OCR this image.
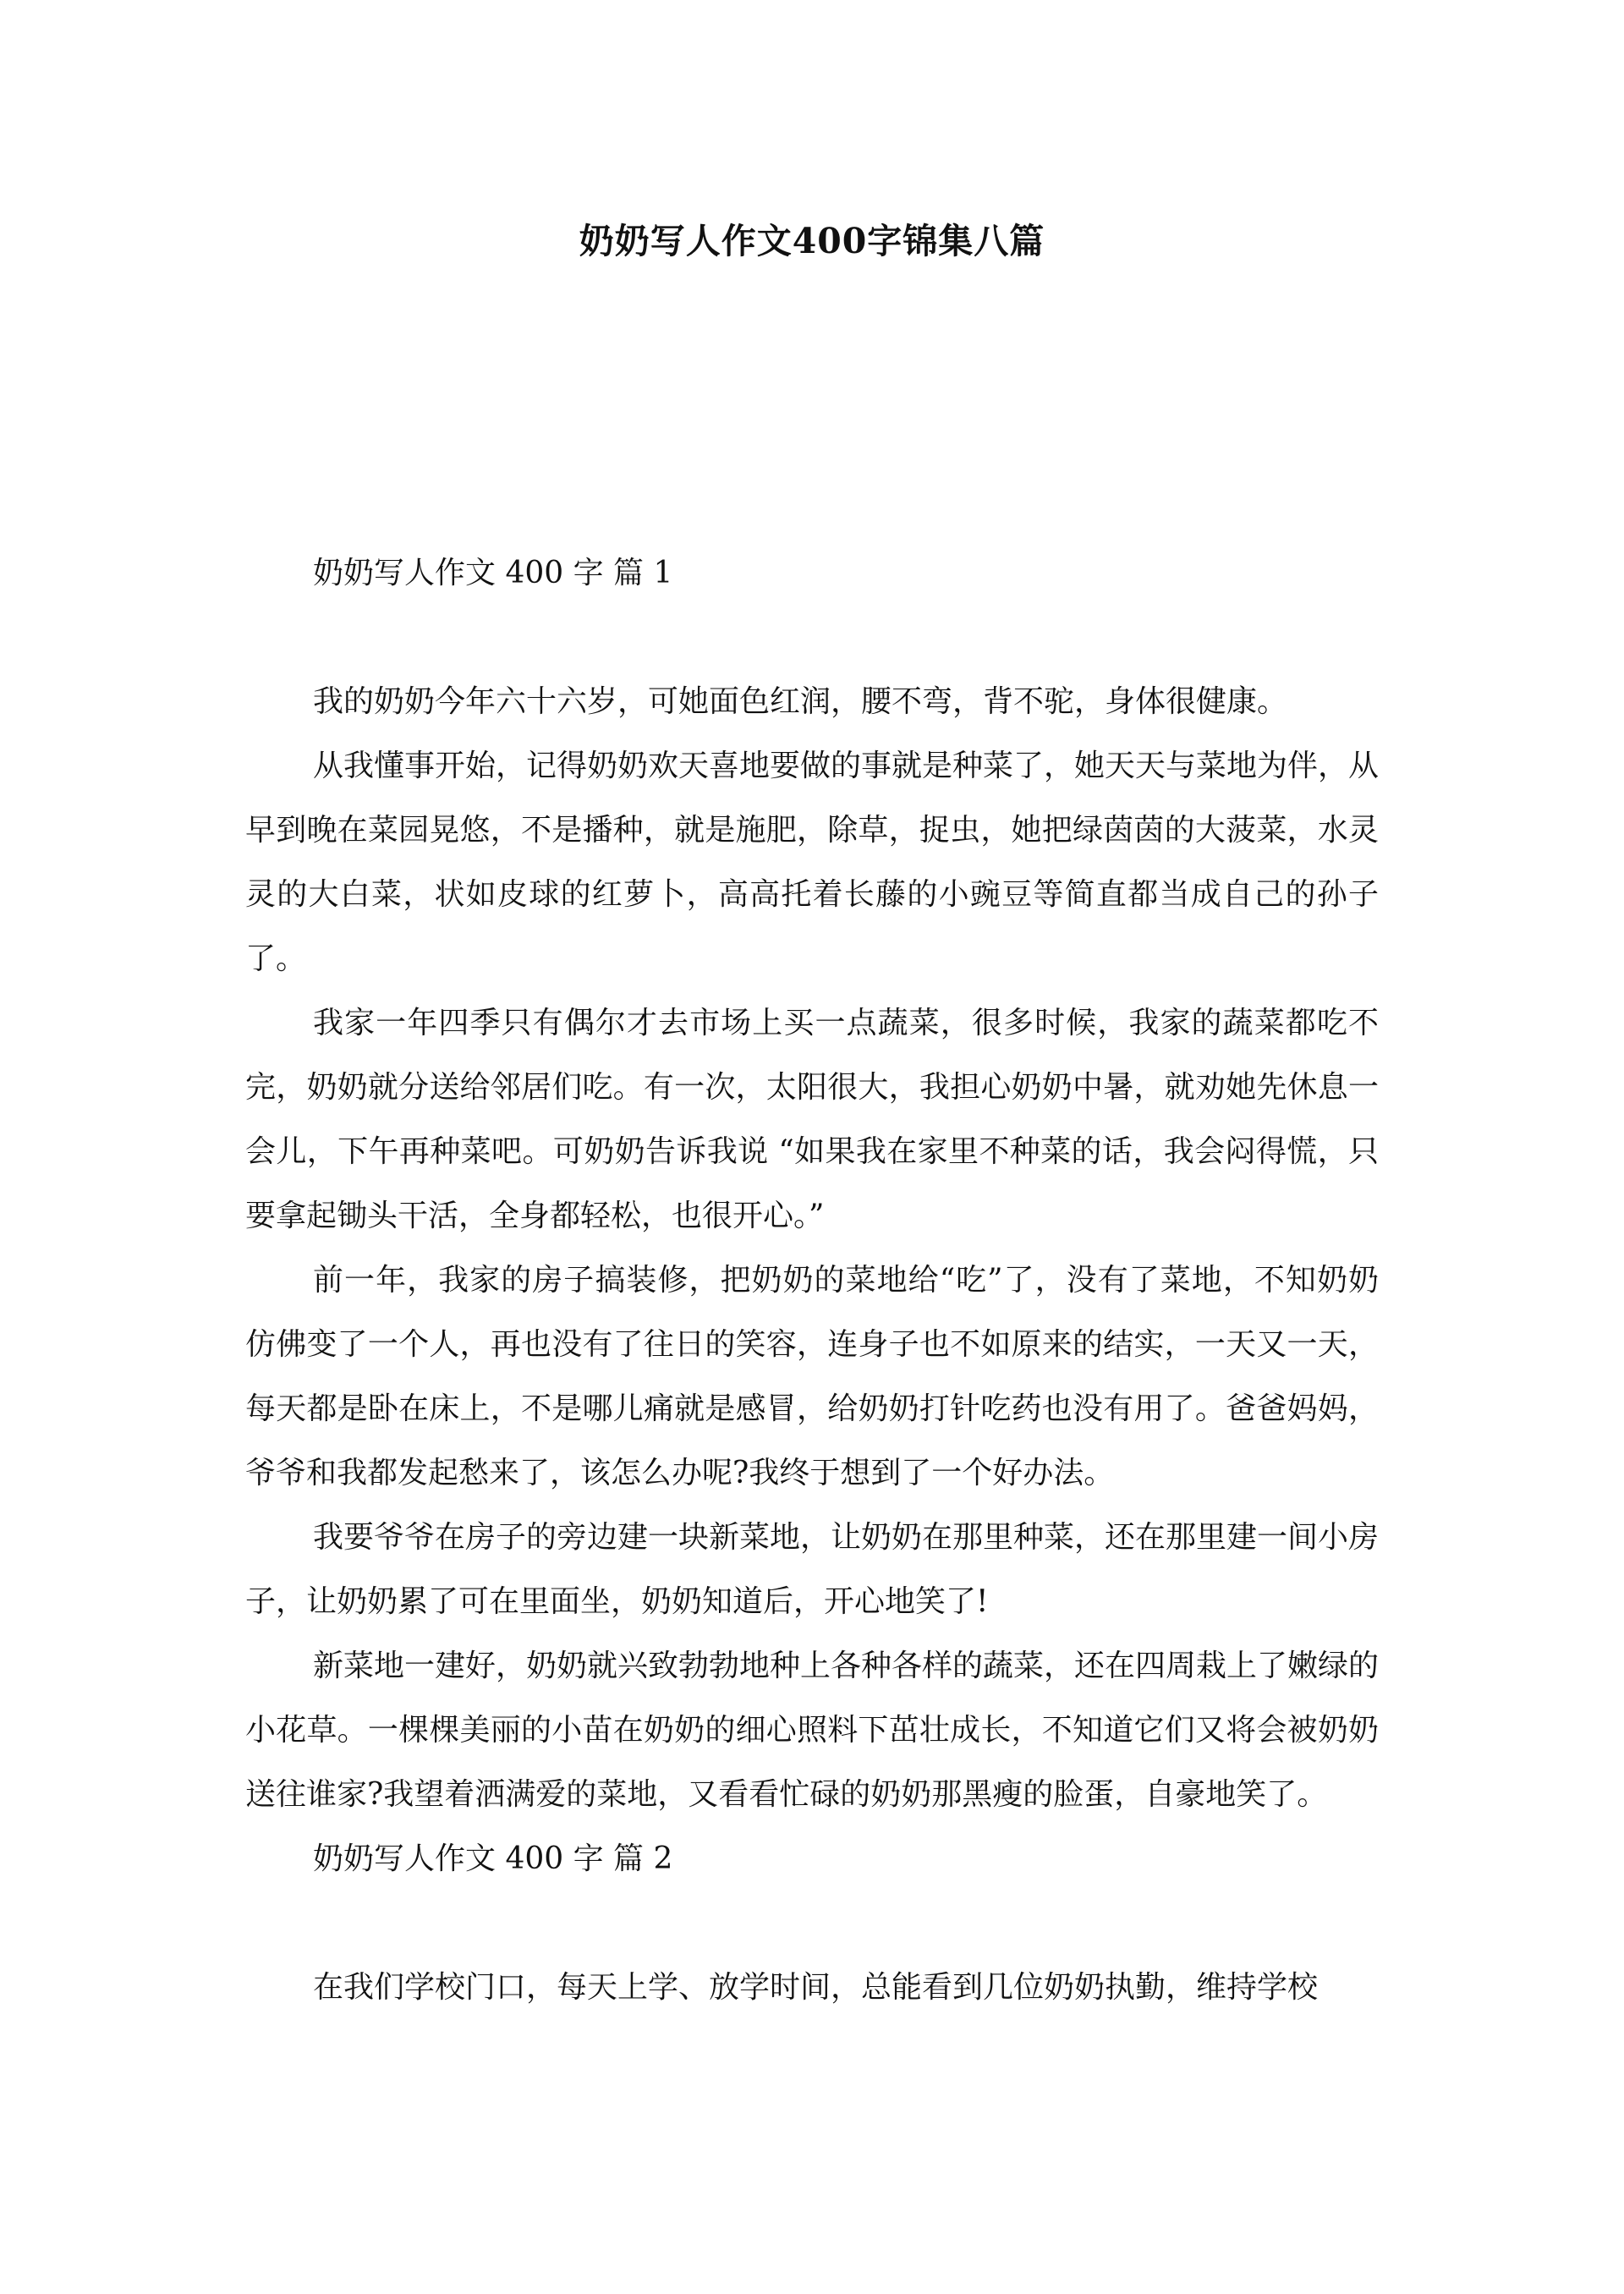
奶奶写人作文400字锦集八篇
奶奶写人作文 400 字 篇 1

我的奶奶今年六十六岁，可她面色红润，腰不弯，背不驼，身体很健康。

从我懂事开始，记得奶奶欢天喜地要做的事就是种菜了，她天天与菜地为伴，从早到晚在菜园晃悠，不是播种，就是施肥，除草，捉虫，她把绿茵茵的大菠菜，水灵灵的大白菜，状如皮球的红萝卜，高高托着长藤的小豌豆等简直都当成自己的孙子了。

我家一年四季只有偶尔才去市场上买一点蔬菜，很多时候，我家的蔬菜都吃不完，奶奶就分送给邻居们吃。有一次，太阳很大，我担心奶奶中暑，就劝她先休息一会儿，下午再种菜吧。可奶奶告诉我说 “如果我在家里不种菜的话，我会闷得慌，只要拿起锄头干活，全身都轻松，也很开心。”

前一年，我家的房子搞装修，把奶奶的菜地给“吃”了，没有了菜地，不知奶奶仿佛变了一个人，再也没有了往日的笑容，连身子也不如原来的结实，一天又一天，每天都是卧在床上，不是哪儿痛就是感冒，给奶奶打针吃药也没有用了。爸爸妈妈，爷爷和我都发起愁来了，该怎么办呢?我终于想到了一个好办法。

我要爷爷在房子的旁边建一块新菜地，让奶奶在那里种菜，还在那里建一间小房子，让奶奶累了可在里面坐，奶奶知道后，开心地笑了!

新菜地一建好，奶奶就兴致勃勃地种上各种各样的蔬菜，还在四周栽上了嫩绿的小花草。一棵棵美丽的小苗在奶奶的细心照料下茁壮成长，不知道它们又将会被奶奶送往谁家?我望着洒满爱的菜地，又看看忙碌的奶奶那黑瘦的脸蛋，自豪地笑了。

奶奶写人作文 400 字 篇 2

在我们学校门口，每天上学、放学时间，总能看到几位奶奶执勤，维持学校
